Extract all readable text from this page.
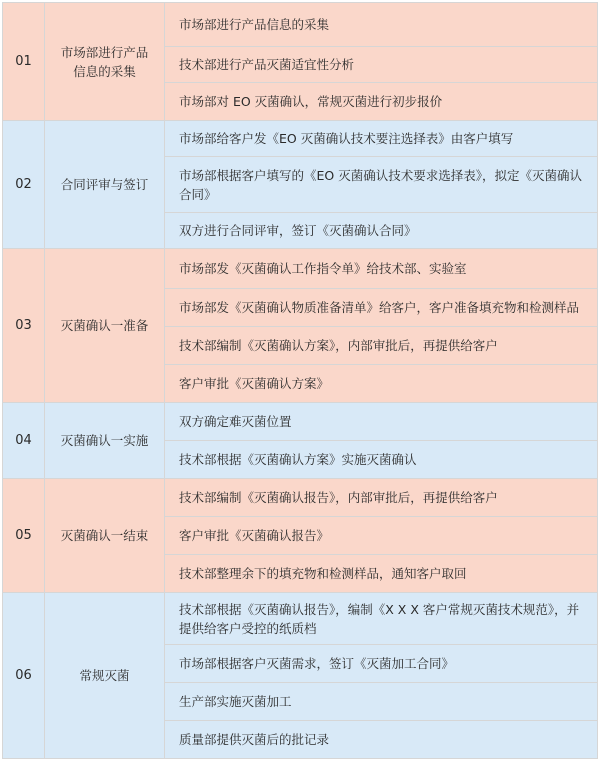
01	市场部进行产品信息的采集	市场部进行产品信息的采集
		技术部进行产品灭菌适宜性分析
		市场部对 EO 灭菌确认，常规灭菌进行初步报价
02	合同评审与签订	市场部给客户发《EO 灭菌确认技术要注选择表》由客户填写
		市场部根据客户填写的《EO 灭菌确认技术要求选择表》，拟定《灭菌确认合同》
		双方进行合同评审，签订《灭菌确认合同》
03	灭菌确认一准备	市场部发《灭菌确认工作指令单》给技术部、实验室
		市场部发《灭菌确认物质准备清单》给客户，客户准备填充物和检测样品
		技术部编制《灭菌确认方案》，内部审批后，再提供给客户
		客户审批《灭菌确认方案》
04	灭菌确认一实施	双方确定难灭菌位置
		技术部根据《灭菌确认方案》实施灭菌确认
05	灭菌确认一结束	技术部编制《灭菌确认报告》，内部审批后，再提供给客户
		客户审批《灭菌确认报告》
		技术部整理余下的填充物和检测样品，通知客户取回
06	常规灭菌	技术部根据《灭菌确认报告》，编制《X X X 客户常规灭菌技术规范》，并提供给客户受控的纸质档
		市场部根据客户灭菌需求，签订《灭菌加工合同》
		生产部实施灭菌加工
		质量部提供灭菌后的批记录
